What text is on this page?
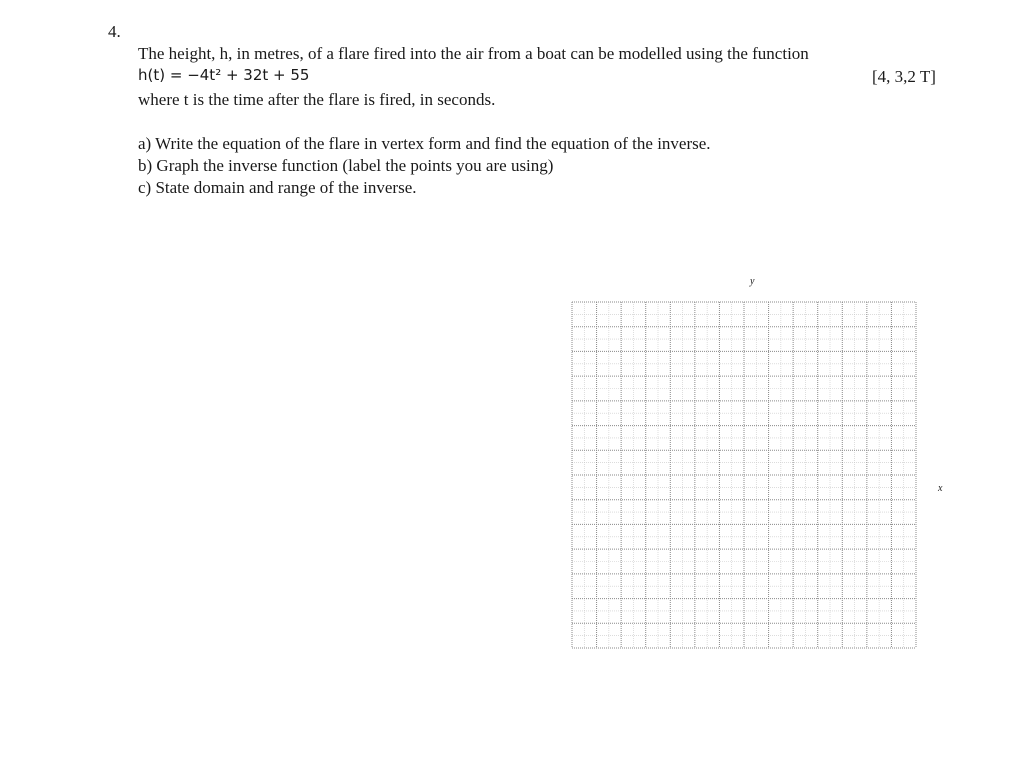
4.
The height, h, in metres, of a flare fired into the air from a boat can be modelled using the function
h(t) = −4t² + 32t + 55	[4, 3,2 T]
where t is the time after the flare is fired, in seconds.
a) Write the equation of the flare in vertex form and find the equation of the inverse.
b) Graph the inverse function (label the points you are using)
c) State domain and range of the inverse.
y
x
